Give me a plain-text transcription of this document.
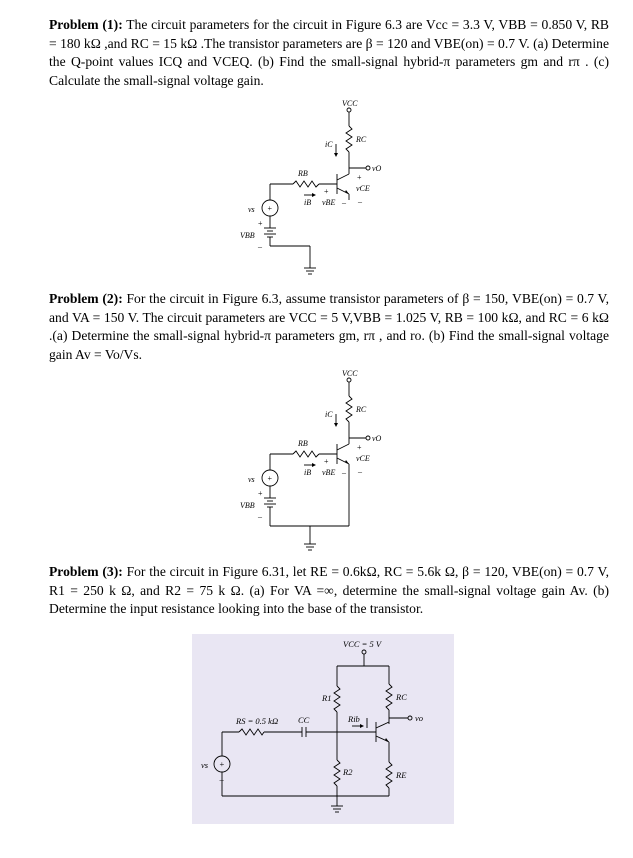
Problem (1): The circuit parameters for the circuit in Figure 6.3 are Vcc = 3.3 V, VBB = 0.850 V, RB = 180 kΩ ,and RC = 15 kΩ .The transistor parameters are β = 120 and VBE(on) = 0.7 V. (a) Determine the Q-point values ICQ and VCEQ. (b) Find the small-signal hybrid-π parameters gm and rπ . (c) Calculate the small-signal voltage gain.

VCC
iC
RC
vO
+
vCE
–
RB
+
iB vBE –
+
vs
+
VBB
–

Problem (2): For the circuit in Figure 6.3, assume transistor parameters of β = 150, VBE(on) = 0.7 V, and VA = 150 V. The circuit parameters are VCC = 5 V,VBB = 1.025 V, RB = 100 kΩ, and RC = 6 kΩ .(a) Determine the small-signal hybrid-π parameters gm, rπ , and ro. (b) Find the small-signal voltage gain Av = Vo/Vs.

VCC
iC
RC
vO
+
vCE
–
RB
+
iB vBE –
+
vs
+
VBB
–

Problem (3): For the circuit in Figure 6.31, let RE = 0.6kΩ, RC = 5.6k Ω, β = 120, VBE(on) = 0.7 V, R1 = 250 k Ω, and R2 = 75 k Ω. (a) For VA =∞, determine the small-signal voltage gain Av. (b) Determine the input resistance looking into the base of the transistor.

VCC = 5 V
R1
R2
RC
RE
RS = 0.5 kΩ CC	Rib	vo
vs +
–
